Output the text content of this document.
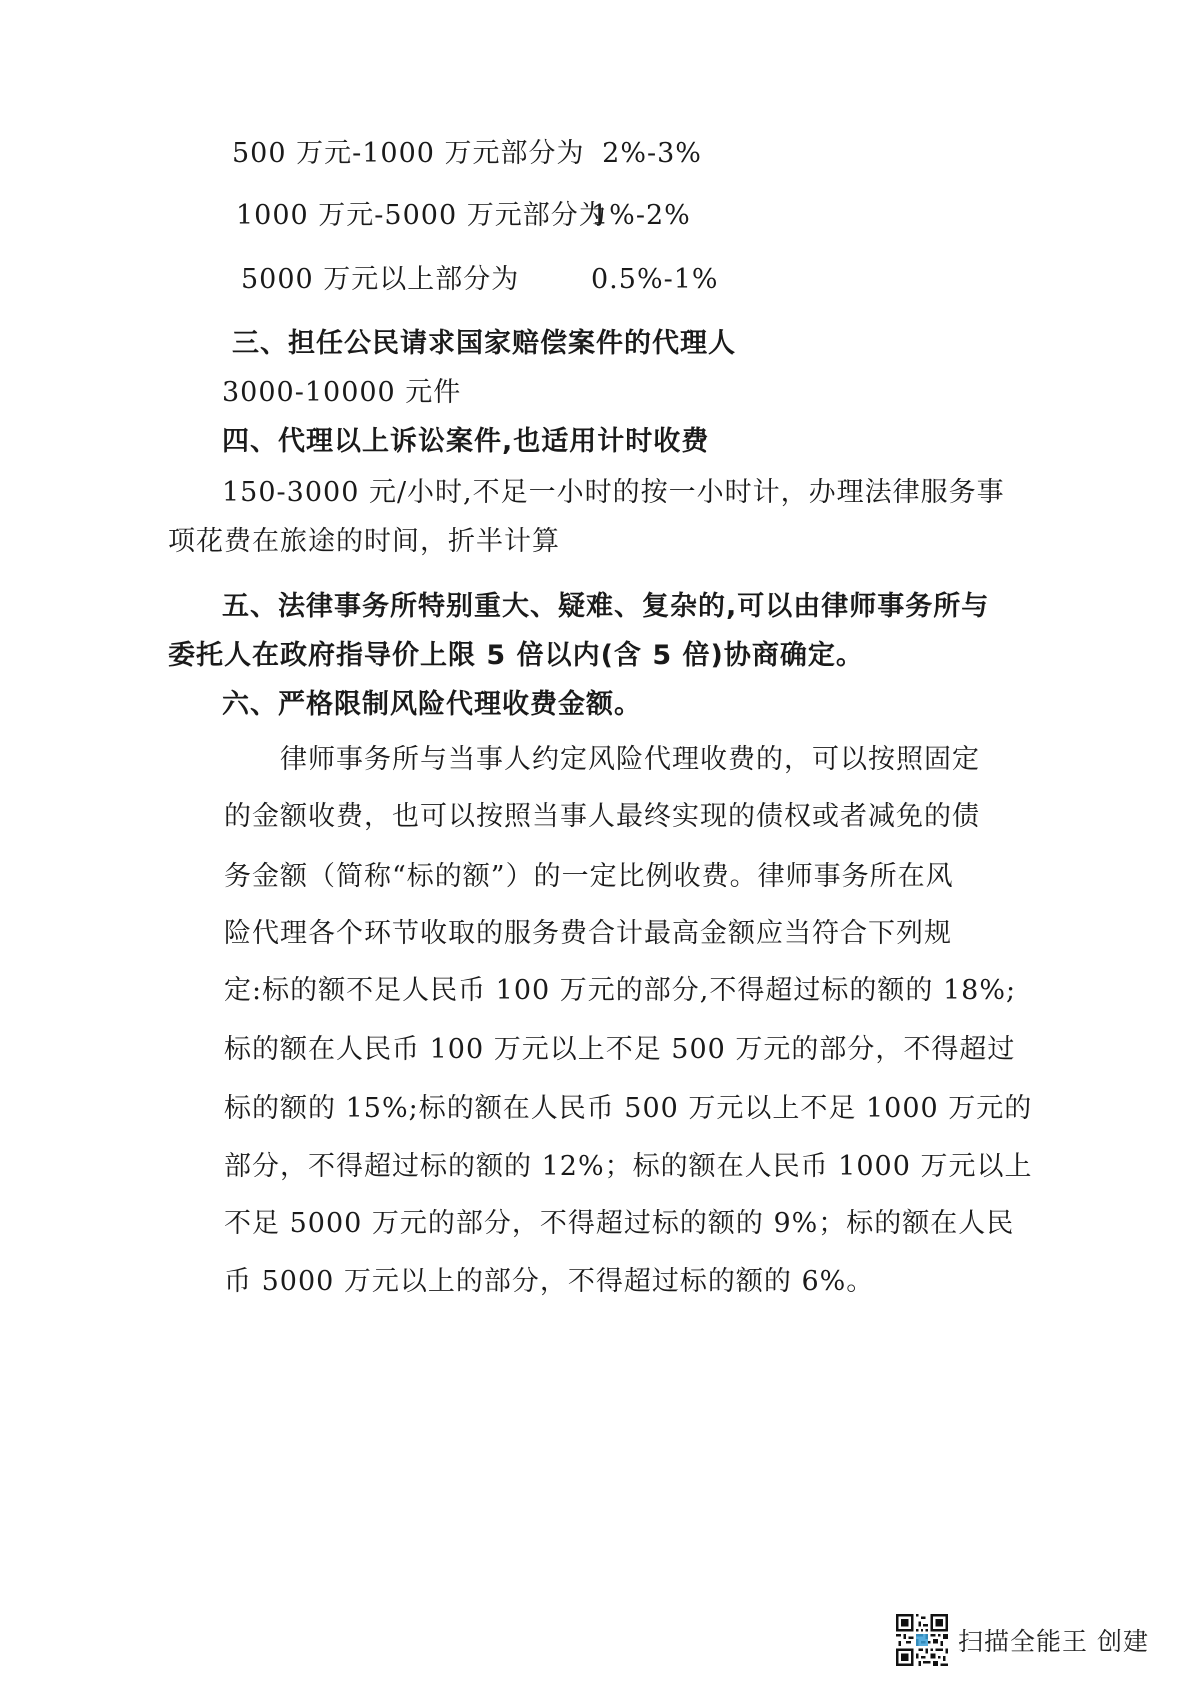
500 万元-1000 万元部分为 2%-3%
1000 万元-5000 万元部分为
1%-2%
5000 万元以上部分为	0.5%-1%
三、担任公民请求国家赔偿案件的代理人
3000-10000 元件
四、代理以上诉讼案件,也适用计时收费
150-3000 元/小时,不足一小时的按一小时计，办理法律服务事
项花费在旅途的时间，折半计算
五、法律事务所特别重大、疑难、复杂的,可以由律师事务所与
委托人在政府指导价上限 5 倍以内(含 5 倍)协商确定。
六、严格限制风险代理收费金额。
律师事务所与当事人约定风险代理收费的，可以按照固定
的金额收费，也可以按照当事人最终实现的债权或者减免的债
务金额（简称“标的额”）的一定比例收费。律师事务所在风
险代理各个环节收取的服务费合计最高金额应当符合下列规
定:标的额不足人民币 100 万元的部分,不得超过标的额的 18%;
标的额在人民币 100 万元以上不足 500 万元的部分，不得超过
标的额的 15%;标的额在人民币 500 万元以上不足 1000 万元的
部分，不得超过标的额的 12%；标的额在人民币 1000 万元以上
不足 5000 万元的部分，不得超过标的额的 9%；标的额在人民
币 5000 万元以上的部分，不得超过标的额的 6%。
扫描全能王 创建
